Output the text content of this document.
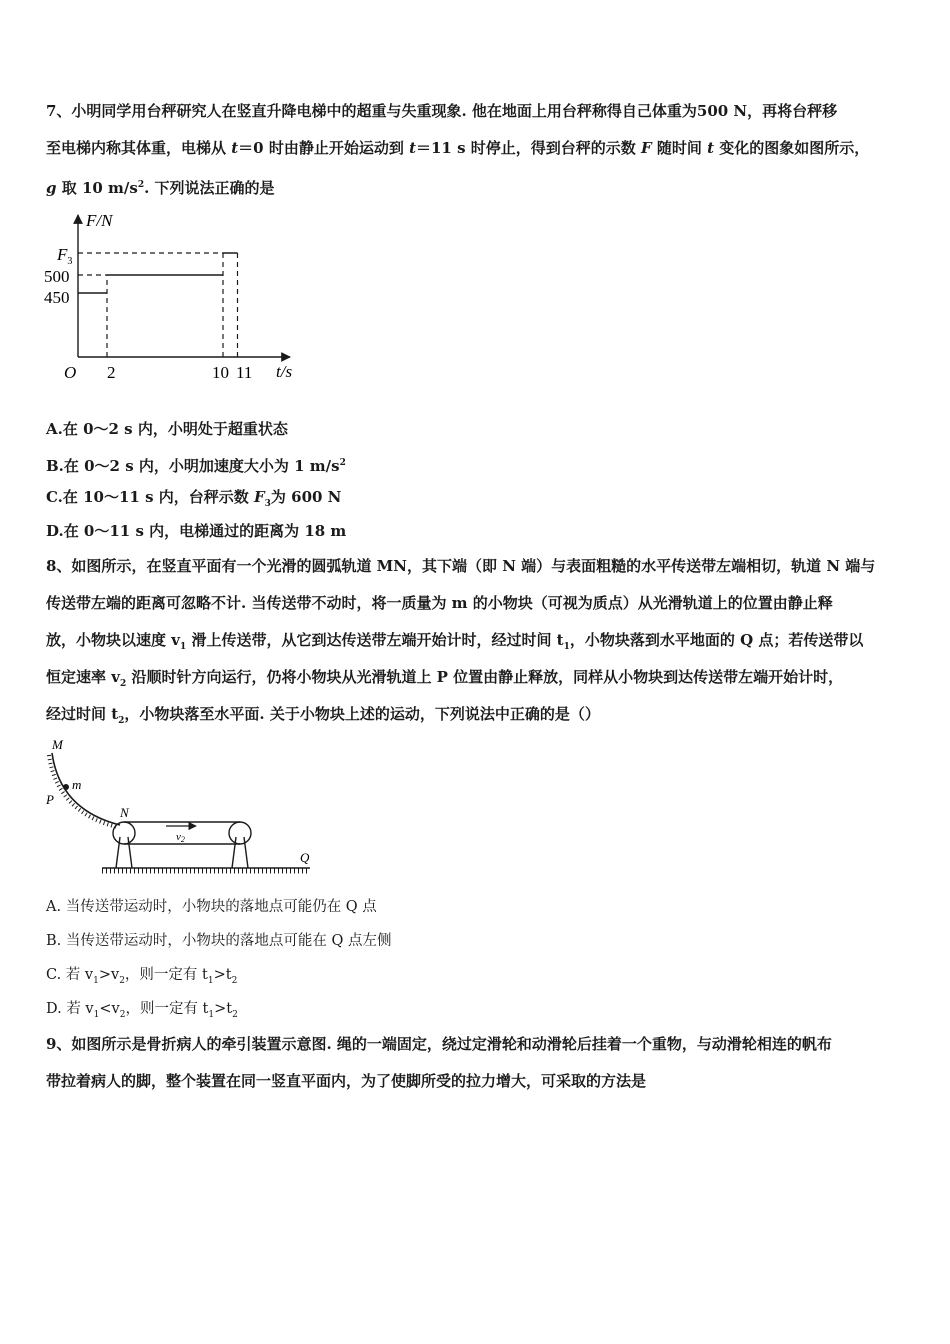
7、小明同学用台秤研究人在竖直升降电梯中的超重与失重现象. 他在地面上用台秤称得自己体重为500 N，再将台秤移
至电梯内称其体重，电梯从 t＝0 时由静止开始运动到 t＝11 s 时停止，得到台秤的示数 F 随时间 t 变化的图象如图所示，
g 取 10 $m/s^2$. 下列说法正确的是
F/N
t/s
O
$F_3$
500
450
2	10 11
A.在 0～2 s 内，小明处于超重状态
B.在 0～2 s 内，小明加速度大小为 1 $m/s^2$
C.在 10～11 s 内，台秤示数 $F_3$为 600 N
D.在 0～11 s 内，电梯通过的距离为 18 m
8、如图所示，在竖直平面有一个光滑的圆弧轨道 MN，其下端（即 N 端）与表面粗糙的水平传送带左端相切，轨道 N 端与
传送带左端的距离可忽略不计. 当传送带不动时，将一质量为 m 的小物块（可视为质点）从光滑轨道上的位置由静止释
放，小物块以速度 $v_1$ 滑上传送带，从它到达传送带左端开始计时，经过时间 $t_1$，小物块落到水平地面的 Q 点；若传送带以
恒定速率 $v_2$ 沿顺时针方向运行，仍将小物块从光滑轨道上 P 位置由静止释放，同样从小物块到达传送带左端开始计时，
经过时间 $t_2$，小物块落至水平面. 关于小物块上述的运动，下列说法中正确的是（）
M
m
P
N
v2
Q
A. 当传送带运动时，小物块的落地点可能仍在 Q 点
B. 当传送带运动时，小物块的落地点可能在 Q 点左侧
C. 若 $v_1>v_2$，则一定有 $t_1>t_2$
D. 若 $v_1<v_2$，则一定有 $t_1>t_2$
9、如图所示是骨折病人的牵引装置示意图. 绳的一端固定，绕过定滑轮和动滑轮后挂着一个重物，与动滑轮相连的帆布
带拉着病人的脚，整个装置在同一竖直平面内，为了使脚所受的拉力增大，可采取的方法是
